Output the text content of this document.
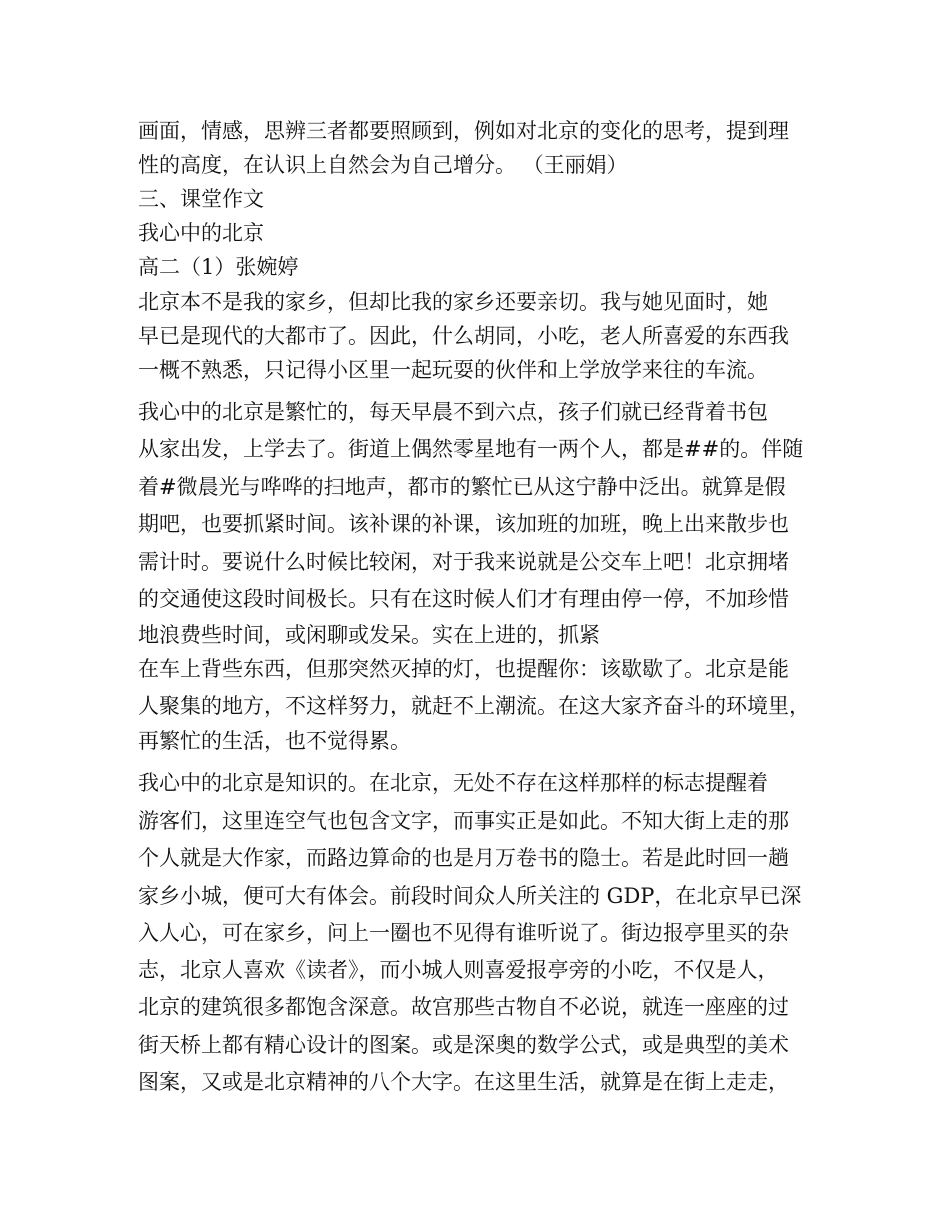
画面，情感，思辨三者都要照顾到，例如对北京的变化的思考，提到理
性的高度，在认识上自然会为自己增分。 （王丽娟）
三、课堂作文
我心中的北京
高二（1）张婉婷
北京本不是我的家乡，但却比我的家乡还要亲切。我与她见面时，她
早已是现代的大都市了。因此，什么胡同，小吃，老人所喜爱的东西我
一概不熟悉，只记得小区里一起玩耍的伙伴和上学放学来往的车流。
我心中的北京是繁忙的，每天早晨不到六点，孩子们就已经背着书包
从家出发，上学去了。街道上偶然零星地有一两个人，都是##的。伴随
着#微晨光与哗哗的扫地声，都市的繁忙已从这宁静中泛出。就算是假
期吧，也要抓紧时间。该补课的补课，该加班的加班，晚上出来散步也
需计时。要说什么时候比较闲，对于我来说就是公交车上吧！北京拥堵
的交通使这段时间极长。只有在这时候人们才有理由停一停，不加珍惜
地浪费些时间，或闲聊或发呆。实在上进的，抓紧
在车上背些东西，但那突然灭掉的灯，也提醒你：该歇歇了。北京是能
人聚集的地方，不这样努力，就赶不上潮流。在这大家齐奋斗的环境里，
再繁忙的生活，也不觉得累。
我心中的北京是知识的。在北京，无处不存在这样那样的标志提醒着
游客们，这里连空气也包含文字，而事实正是如此。不知大街上走的那
个人就是大作家，而路边算命的也是月万卷书的隐士。若是此时回一趟
家乡小城，便可大有体会。前段时间众人所关注的 GDP，在北京早已深
入人心，可在家乡，问上一圈也不见得有谁听说了。街边报亭里买的杂
志，北京人喜欢《读者》，而小城人则喜爱报亭旁的小吃，不仅是人，
北京的建筑很多都饱含深意。故宫那些古物自不必说，就连一座座的过
街天桥上都有精心设计的图案。或是深奥的数学公式，或是典型的美术
图案，又或是北京精神的八个大字。在这里生活，就算是在街上走走，
